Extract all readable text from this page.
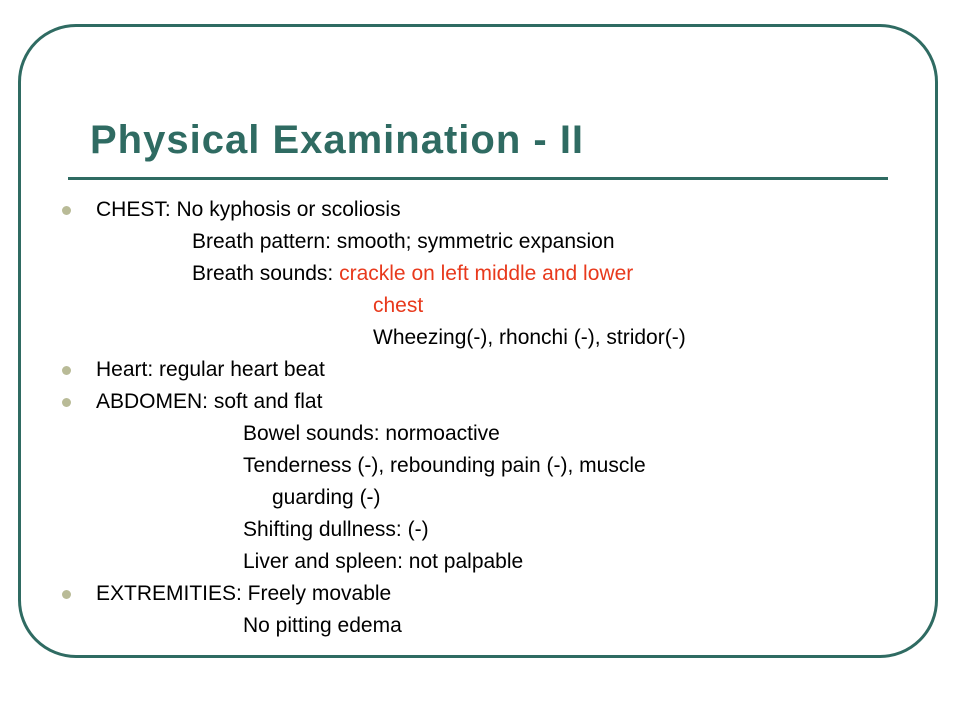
Physical Examination - II
CHEST: No kyphosis or scoliosis
Breath pattern: smooth; symmetric expansion
Breath sounds: crackle on left middle and lower
chest
Wheezing(-), rhonchi (-), stridor(-)
Heart: regular heart beat
ABDOMEN: soft and flat
Bowel sounds: normoactive
Tenderness (-), rebounding pain (-), muscle
guarding (-)
Shifting dullness: (-)
Liver and spleen: not palpable
EXTREMITIES: Freely movable
No pitting edema
